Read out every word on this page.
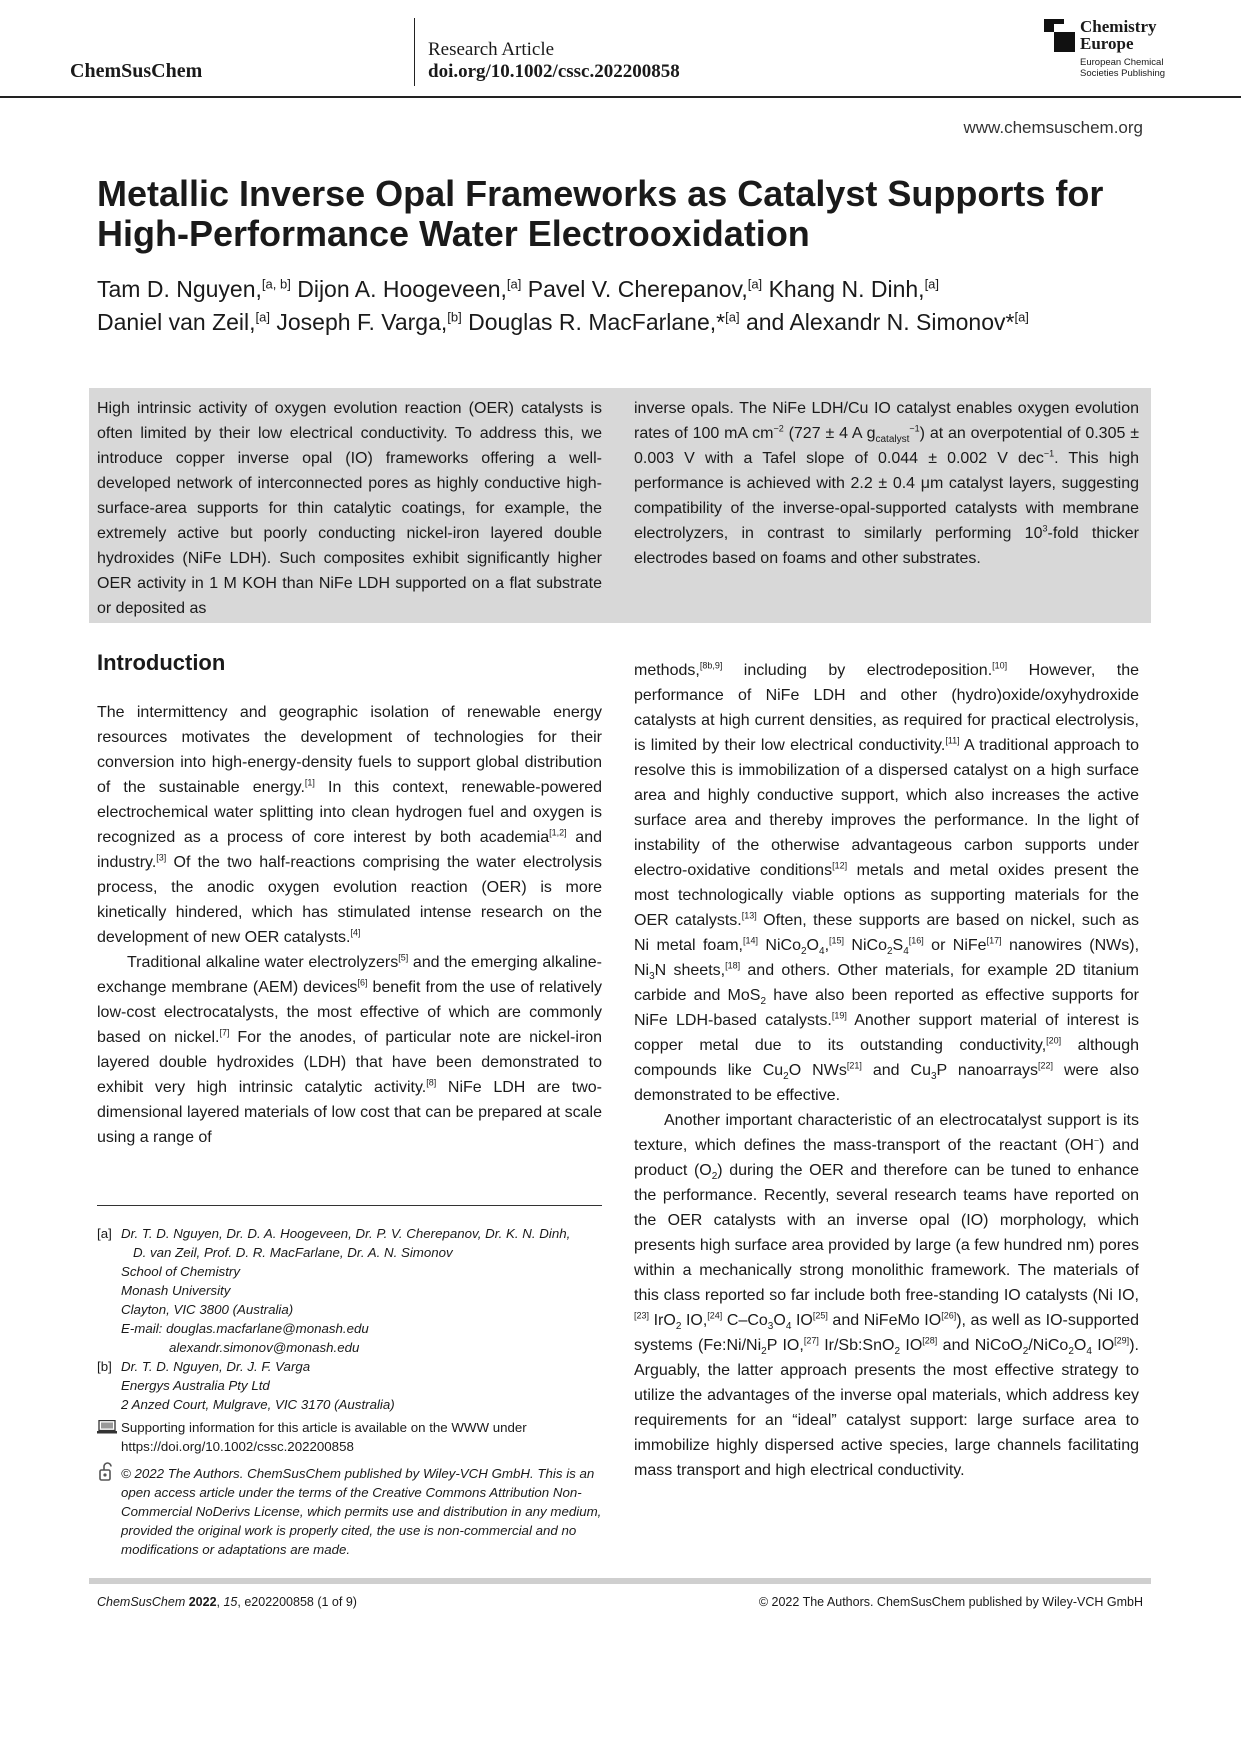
ChemSusChem
Research Article
doi.org/10.1002/cssc.202200858
Chemistry
Europe
European Chemical
Societies Publishing
www.chemsuschem.org
Metallic Inverse Opal Frameworks as Catalyst Supports for High-Performance Water Electrooxidation
Tam D. Nguyen,[a, b] Dijon A. Hoogeveen,[a] Pavel V. Cherepanov,[a] Khang N. Dinh,[a]
Daniel van Zeil,[a] Joseph F. Varga,[b] Douglas R. MacFarlane,*[a] and Alexandr N. Simonov*[a]

High intrinsic activity of oxygen evolution reaction (OER) catalysts is often limited by their low electrical conductivity. To address this, we introduce copper inverse opal (IO) frameworks offering a well-developed network of interconnected pores as highly conductive high-surface-area supports for thin catalytic coatings, for example, the extremely active but poorly conducting nickel-iron layered double hydroxides (NiFe LDH). Such composites exhibit significantly higher OER activity in 1 M KOH than NiFe LDH supported on a flat substrate or deposited as

inverse opals. The NiFe LDH/Cu IO catalyst enables oxygen evolution rates of 100 mA $cm^{-2}$ (727 ± 4 A $g_{catalyst}^{-1}$) at an overpotential of 0.305 ± 0.003 V with a Tafel slope of 0.044 ± 0.002 V dec$^{-1}$. This high performance is achieved with 2.2 ± 0.4 μm catalyst layers, suggesting compatibility of the inverse-opal-supported catalysts with membrane electrolyzers, in contrast to similarly performing $10^3$-fold thicker electrodes based on foams and other substrates.

Introduction

The intermittency and geographic isolation of renewable energy resources motivates the development of technologies for their conversion into high-energy-density fuels to support global distribution of the sustainable energy.[1] In this context, renewable-powered electrochemical water splitting into clean hydrogen fuel and oxygen is recognized as a process of core interest by both academia[1,2] and industry.[3] Of the two half-reactions comprising the water electrolysis process, the anodic oxygen evolution reaction (OER) is more kinetically hindered, which has stimulated intense research on the development of new OER catalysts.[4]

Traditional alkaline water electrolyzers[5] and the emerging alkaline-exchange membrane (AEM) devices[6] benefit from the use of relatively low-cost electrocatalysts, the most effective of which are commonly based on nickel.[7] For the anodes, of particular note are nickel-iron layered double hydroxides (LDH) that have been demonstrated to exhibit very high intrinsic catalytic activity.[8] NiFe LDH are two-dimensional layered materials of low cost that can be prepared at scale using a range of

methods,[8b,9] including by electrodeposition.[10] However, the performance of NiFe LDH and other (hydro)oxide/oxyhydroxide catalysts at high current densities, as required for practical electrolysis, is limited by their low electrical conductivity.[11] A traditional approach to resolve this is immobilization of a dispersed catalyst on a high surface area and highly conductive support, which also increases the active surface area and thereby improves the performance. In the light of instability of the otherwise advantageous carbon supports under electro-oxidative conditions[12] metals and metal oxides present the most technologically viable options as supporting materials for the OER catalysts.[13] Often, these supports are based on nickel, such as Ni metal foam,[14] $NiCo_2O_4,[15]$ $NiCo_2S_4[16]$ or NiFe[17] nanowires (NWs), $Ni_3N$ sheets,[18] and others. Other materials, for example 2D titanium carbide and MoS$_2$ have also been reported as effective supports for NiFe LDH-based catalysts.[19] Another support material of interest is copper metal due to its outstanding conductivity,[20] although compounds like $Cu_2O$ NWs[21] and $Cu_3P$ nanoarrays[22] were also demonstrated to be effective.

Another important characteristic of an electrocatalyst support is its texture, which defines the mass-transport of the reactant (OH−) and product $(O_2)$ during the OER and therefore can be tuned to enhance the performance. Recently, several research teams have reported on the OER catalysts with an inverse opal (IO) morphology, which presents high surface area provided by large (a few hundred nm) pores within a mechanically strong monolithic framework. The materials of this class reported so far include both free-standing IO catalysts (Ni IO,[23] IrO$_2$ IO,[24] $C-Co_3O_4$ IO[25] and NiFeMo IO[26]), as well as IO-supported systems ($Fe:Ni/Ni_2P$ IO,[27] Ir/Sb:SnO$_2$ IO[28] and $NiCoO_2/NiCo_2O_4$ IO[29]). Arguably, the latter approach presents the most effective strategy to utilize the advantages of the inverse opal materials, which address key requirements for an “ideal” catalyst support: large surface area to immobilize highly dispersed active species, large channels facilitating mass transport and high electrical conductivity.

[a] Dr. T. D. Nguyen, Dr. D. A. Hoogeveen, Dr. P. V. Cherepanov, Dr. K. N. Dinh,
D. van Zeil, Prof. D. R. MacFarlane, Dr. A. N. Simonov
School of Chemistry
Monash University
Clayton, VIC 3800 (Australia)
E-mail: douglas.macfarlane@monash.edu
alexandr.simonov@monash.edu
[b] Dr. T. D. Nguyen, Dr. J. F. Varga
Energys Australia Pty Ltd
2 Anzed Court, Mulgrave, VIC 3170 (Australia)
Supporting information for this article is available on the WWW under https://doi.org/10.1002/cssc.202200858
© 2022 The Authors. ChemSusChem published by Wiley-VCH GmbH. This is an open access article under the terms of the Creative Commons Attribution Non-Commercial NoDerivs License, which permits use and distribution in any medium, provided the original work is properly cited, the use is non-commercial and no modifications or adaptations are made.
ChemSusChem 2022, 15, e202200858 (1 of 9)	© 2022 The Authors. ChemSusChem published by Wiley-VCH GmbH
